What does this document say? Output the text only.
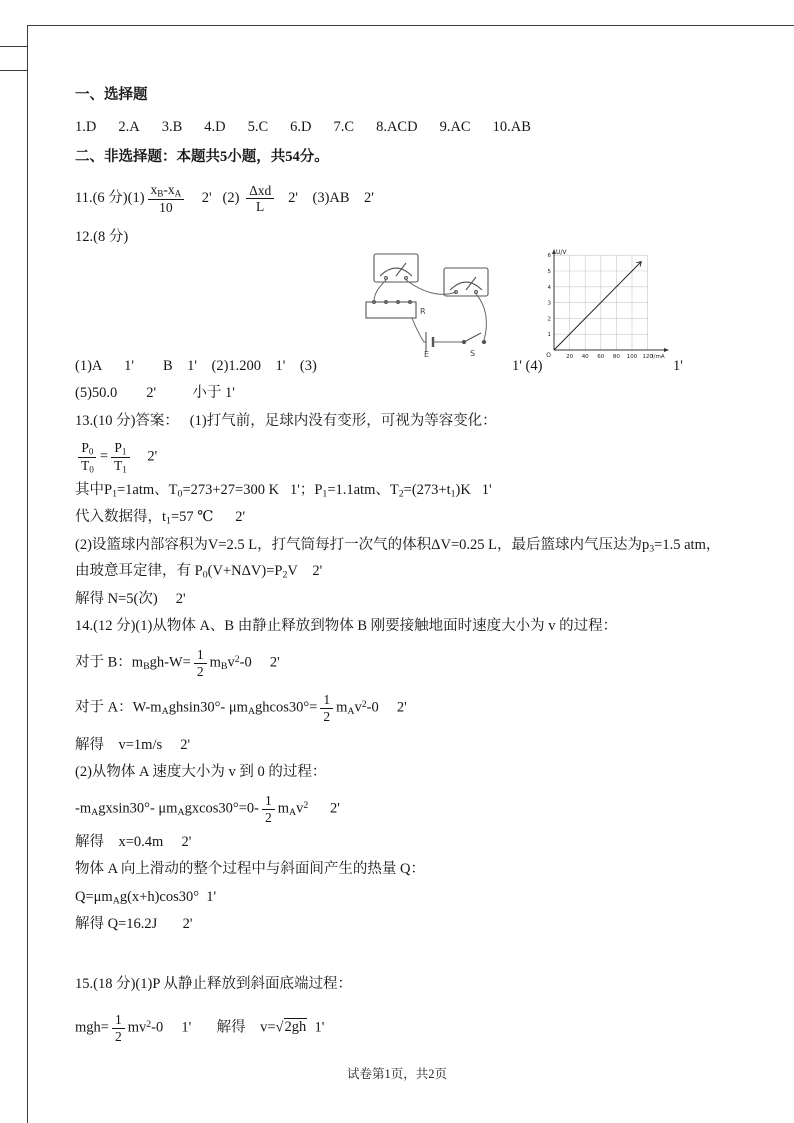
一、选择题
1.D 2.A 3.B 4.D 5.C 6.D 7.C 8.ACD 9.AC 10.AB
二、非选择题：本题共5小题，共54分。
11.(6 分)$(1) \frac{x_B-x_A}{10} 2'$   $(2) \frac{\text{Δxd}}{L} 2'$    (3)AB    2'
12.(8 分)
R
E	S	20 40 60 80 100 120
1
2
3
4
5
6
U/V
I/mA
O
(1)A      1'        B    1'    (2)1.200    1'    (3)	1' (4)	1'
(5)50.0        2'          小于 1'
13.(10 分)答案：   (1)打气前，足球内没有变形，可视为等容变化：
$\frac{P_0}{T_0} = \frac{P_1}{T_1} 2'$
其中$P_1=1atm$、$T_0=273+27=300$ K   1'；$P_1=1.1atm$、$T_2=(273+t_1)K$   1'
代入数据得，$t_1=57$ ℃      2'
(2)设篮球内部容积为V=2.5 L，打气筒每打一次气的体积ΔV=0.25 L，最后篮球内气压达为$p_3=1.5$ atm，
由玻意耳定律，有 $P_0(V+N\Delta V)=P_2V$    2'
解得 N=5(次)     2'
14.(12 分)(1)从物体 A、B 由静止释放到物体 B 刚要接触地面时速度大小为 v 的过程：
对于 B：$m_Bgh-W= \frac{1}{2} m_Bv^2-0$     2'
对于 A：$W-m_Aghsin30^\circ-$ $\mu m_Aghcos30^\circ= \frac{1}{2} m_Av^2-0$     2'
解得    v=1m/s     2'
(2)从物体 A 速度大小为 v 到 0 的过程：
$-m_Agxsin30^\circ-$ $\mu m_Agxcos30^\circ=0- \frac{1}{2} m_Av^2$      2'
解得    x=0.4m     2'
物体 A 向上滑动的整个过程中与斜面间产生的热量 Q：
$Q=\mu m_Ag(x+h)\cos 30^\circ$  1'
解得 Q=16.2J       2'
15.(18 分)(1)P 从静止释放到斜面底端过程：
$mgh= \frac{1}{2} mv^2-0$     1'       解得    v=√2gh  1'
试卷第1页，共2页
